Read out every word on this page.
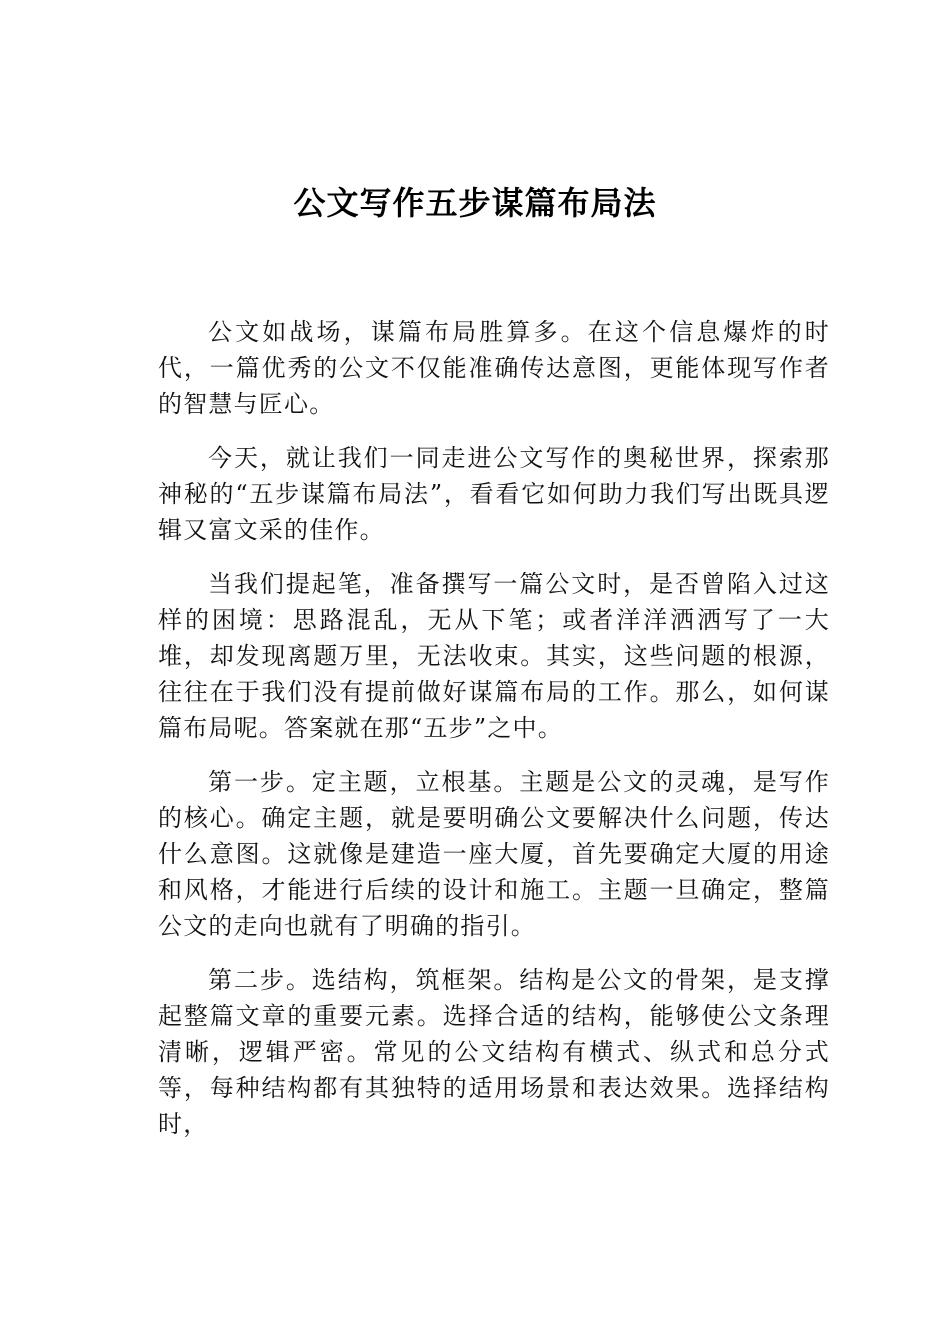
公文写作五步谋篇布局法

公文如战场，谋篇布局胜算多。在这个信息爆炸的时代，一篇优秀的公文不仅能准确传达意图，更能体现写作者的智慧与匠心。

今天，就让我们一同走进公文写作的奥秘世界，探索那神秘的“五步谋篇布局法”，看看它如何助力我们写出既具逻辑又富文采的佳作。

当我们提起笔，准备撰写一篇公文时，是否曾陷入过这样的困境：思路混乱，无从下笔；或者洋洋洒洒写了一大堆，却发现离题万里，无法收束。其实，这些问题的根源，往往在于我们没有提前做好谋篇布局的工作。那么，如何谋篇布局呢。答案就在那“五步”之中。

第一步。定主题，立根基。主题是公文的灵魂，是写作的核心。确定主题，就是要明确公文要解决什么问题，传达什么意图。这就像是建造一座大厦，首先要确定大厦的用途和风格，才能进行后续的设计和施工。主题一旦确定，整篇公文的走向也就有了明确的指引。

第二步。选结构，筑框架。结构是公文的骨架，是支撑起整篇文章的重要元素。选择合适的结构，能够使公文条理清晰，逻辑严密。常见的公文结构有横式、纵式和总分式等，每种结构都有其独特的适用场景和表达效果。选择结构时，
